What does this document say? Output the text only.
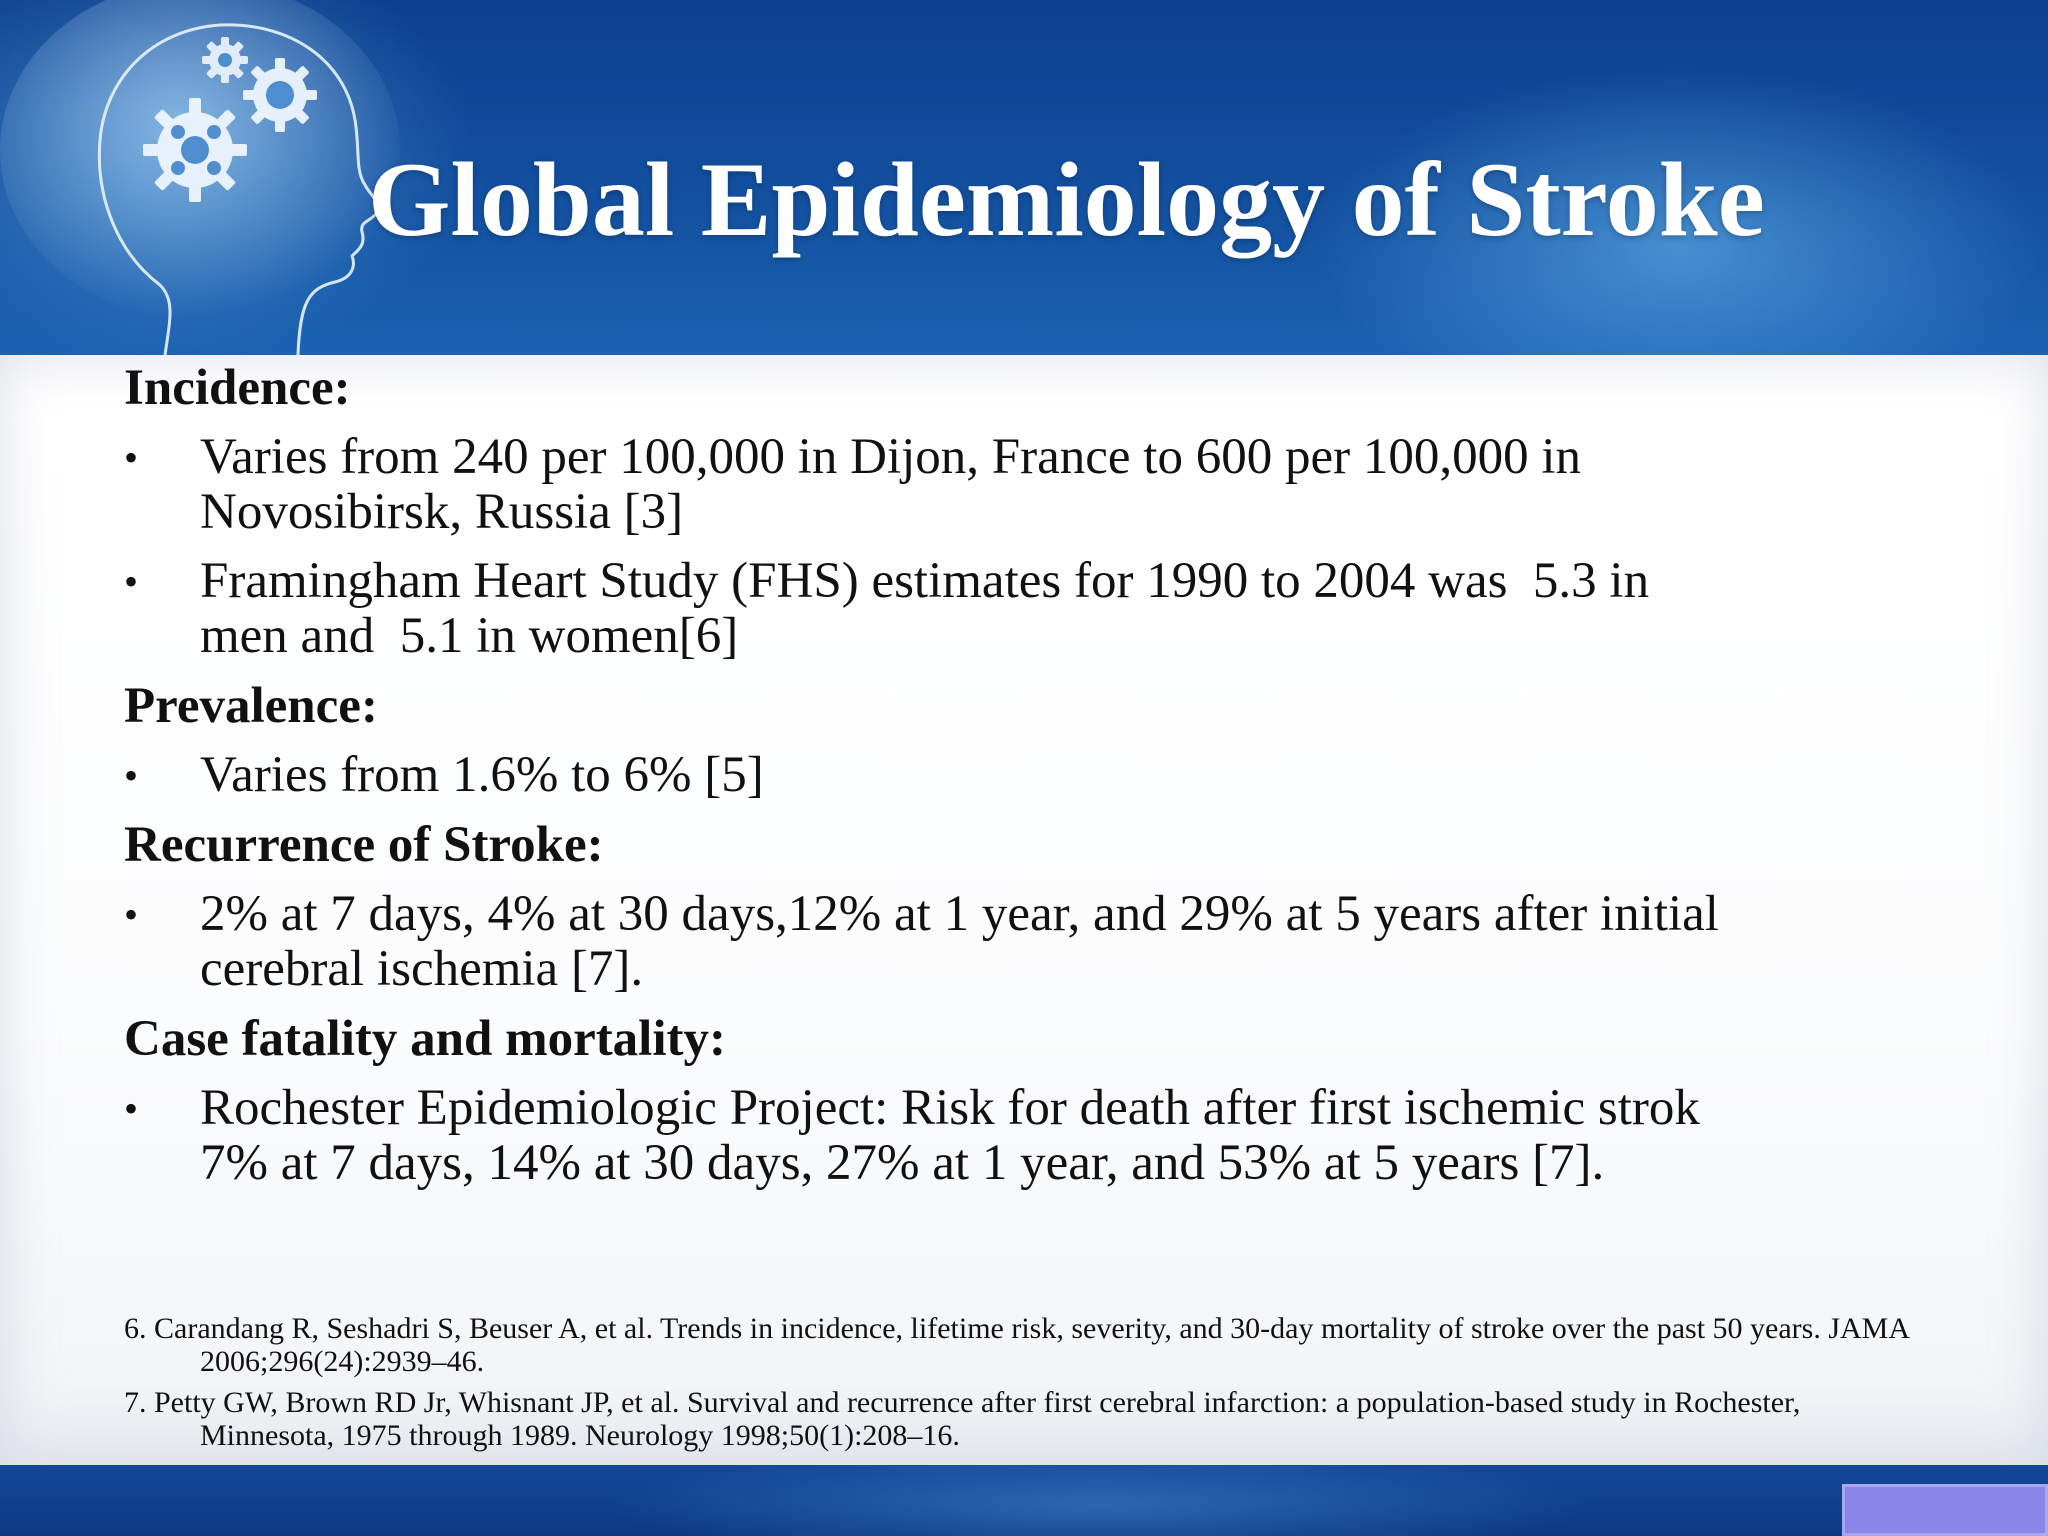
Global Epidemiology of Stroke
Incidence:
• Varies from 240 per 100,000 in Dijon, France to 600 per 100,000 in
Novosibirsk, Russia [3]
• Framingham Heart Study (FHS) estimates for 1990 to 2004 was  5.3 in
men and  5.1 in women[6]
Prevalence:
• Varies from 1.6% to 6% [5]
Recurrence of Stroke:
• 2% at 7 days, 4% at 30 days,12% at 1 year, and 29% at 5 years after initial
cerebral ischemia [7].
Case fatality and mortality:
• Rochester Epidemiologic Project: Risk for death after first ischemic strok
7% at 7 days, 14% at 30 days, 27% at 1 year, and 53% at 5 years [7].
6. Carandang R, Seshadri S, Beuser A, et al. Trends in incidence, lifetime risk, severity, and 30-day mortality of stroke over the past 50 years. JAMA 2006;296(24):2939–46.
7. Petty GW, Brown RD Jr, Whisnant JP, et al. Survival and recurrence after first cerebral infarction: a population-based study in Rochester, Minnesota, 1975 through 1989. Neurology 1998;50(1):208–16.
